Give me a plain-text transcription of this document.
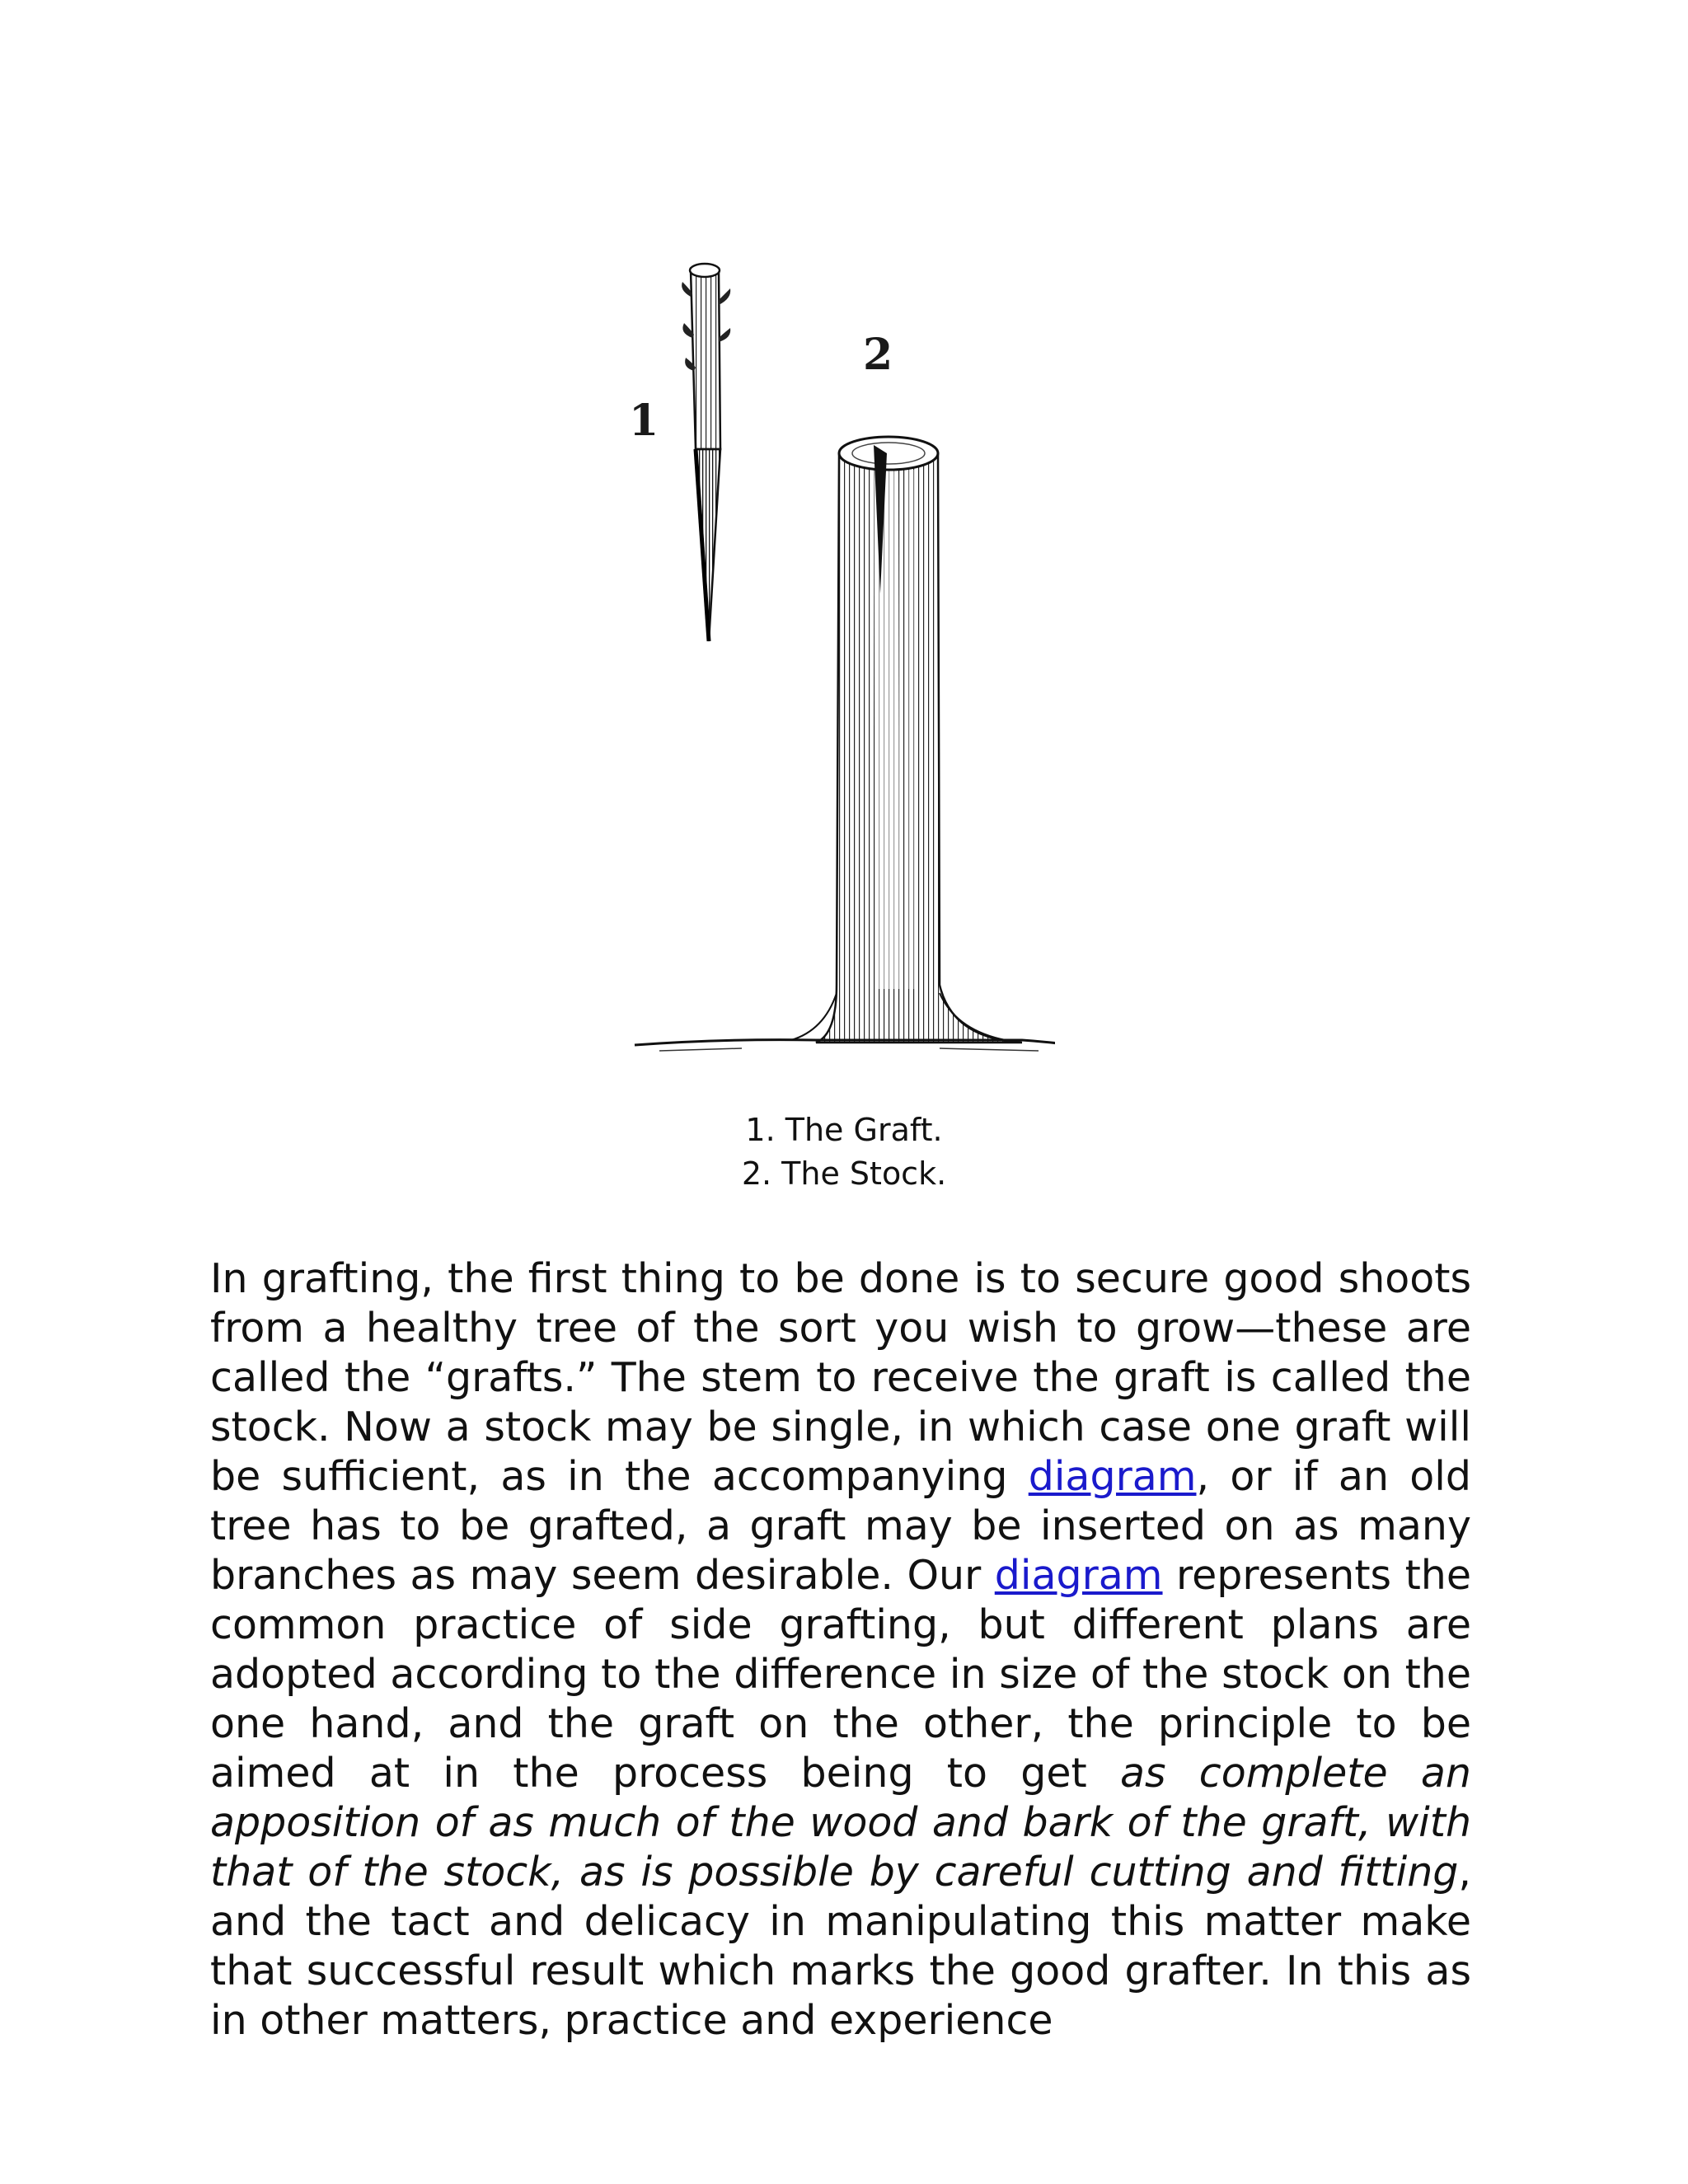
1
2
1. The Graft.
2. The Stock.

In grafting, the first thing to be done is to secure good shoots from a healthy tree of the sort you wish to grow—these are called the “grafts.” The stem to receive the graft is called the stock. Now a stock may be single, in which case one graft will be sufficient, as in the accompanying diagram, or if an old tree has to be grafted, a graft may be inserted on as many branches as may seem desirable. Our diagram represents the common practice of side grafting, but different plans are adopted according to the difference in size of the stock on the one hand, and the graft on the other, the principle to be aimed at in the process being to get as complete an apposition of as much of the wood and bark of the graft, with that of the stock, as is possible by careful cutting and fitting, and the tact and delicacy in manipulating this matter make that successful result which marks the good grafter. In this as in other matters, practice and experience
